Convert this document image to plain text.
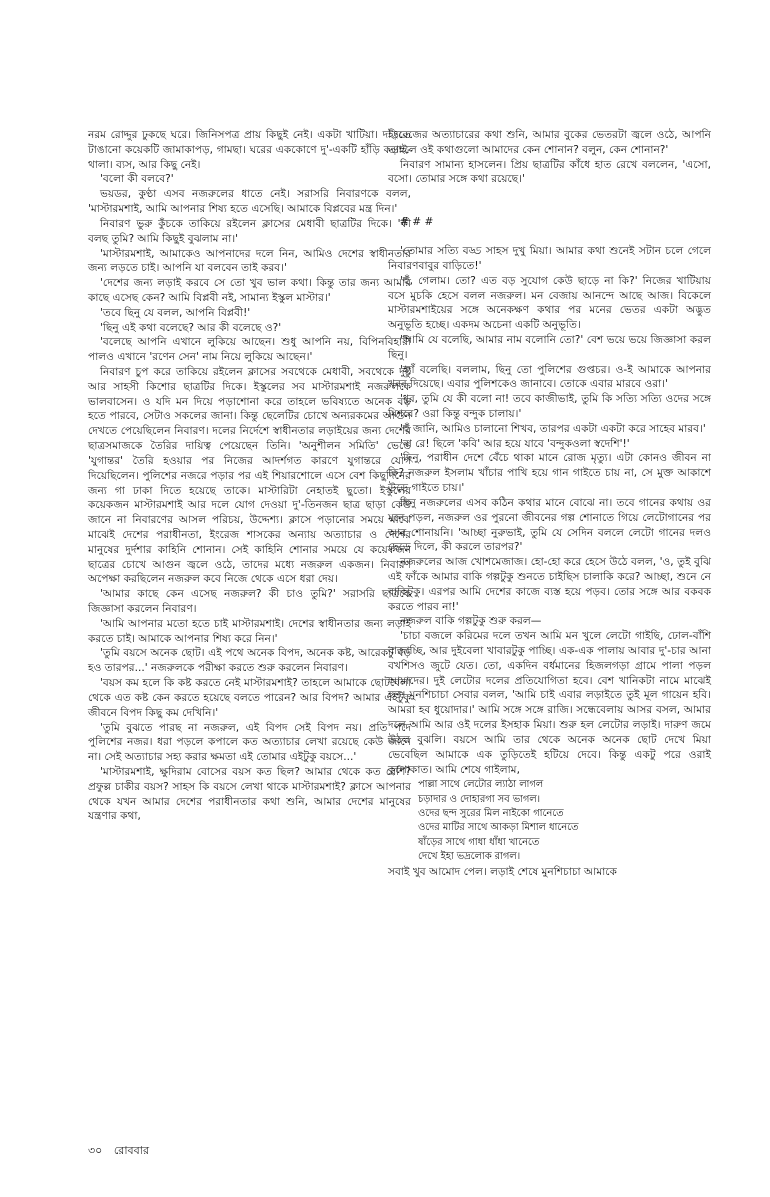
নরম রোদ্দুর ঢুকছে ঘরে। জিনিসপত্র প্রায় কিছুই নেই। একটা খাটিয়া। দড়িতে টাঙানো কয়েকটি জামাকাপড়, গামছা। ঘরের এককোণে দু'-একটি হাঁড়ি কড়াই-থালা। ব্যস, আর কিছু নেই।

'বলো কী বলবে?'

ভয়ডর, কুণ্ঠা এসব নজরুলের ধাতে নেই। সরাসরি নিবারণকে বলল, 'মাস্টারমশাই, আমি আপনার শিষ্য হতে এসেছি। আমাকে বিপ্লবের মন্ত্র দিন।'

নিবারণ ভুরু কুঁচকে তাকিয়ে রইলেন ক্লাসের মেধাবী ছাত্রটির দিকে। 'কী বলছ তুমি? আমি কিছুই বুঝলাম না।'

'মাস্টারমশাই, আমাকেও আপনাদের দলে নিন, আমিও দেশের স্বাধীনতার জন্য লড়তে চাই। আপনি যা বলবেন তাই করব।'

'দেশের জন্য লড়াই করবে সে তো খুব ভাল কথা। কিন্তু তার জন্য আমার কাছে এসেছ কেন? আমি বিপ্লবী নই, সামান্য ইস্কুল মাস্টার।'

'তবে ছিনু যে বলল, আপনি বিপ্লবী!'

'ছিনু এই কথা বলেছে? আর কী বলেছে ও?'

'বলেছে আপনি এখানে লুকিয়ে আছেন। শুধু আপনি নয়, বিপিনবিহারী পালও এখানে 'রণেন সেন' নাম নিয়ে লুকিয়ে আছেন।'

নিবারণ চুপ করে তাকিয়ে রইলেন ক্লাসের সবথেকে মেধাবী, সবথেকে দুষ্টু আর সাহসী কিশোর ছাত্রটির দিকে। ইস্কুলের সব মাস্টারমশাই নজরুলকে ভালবাসেন। ও যদি মন দিয়ে পড়াশোনা করে তাহলে ভবিষ্যতে অনেক বড় হতে পারবে, সেটাও সকলের জানা। কিন্তু ছেলেটির চোখে অন্যরকমের আগুন দেখতে পেয়েছিলেন নিবারণ। দলের নির্দেশে স্বাধীনতার লড়াইয়ের জন্য দেশের ছাত্রসমাজকে তৈরির দায়িত্ব পেয়েছেন তিনি। 'অনুশীলন সমিতি' ভেঙে 'যুগান্তর' তৈরি হওয়ার পর নিজের আদর্শগত কারণে যুগান্তরে যোগ দিয়েছিলেন। পুলিশের নজরে পড়ার পর এই শিয়ারশোলে এসে বেশ কিছুদিনের জন্য গা ঢাকা দিতে হয়েছে তাকে। মাস্টারিটা নেহাতই ছুতো। ইস্কুলের কয়েকজন মাস্টারমশাই আর দলে যোগ দেওয়া দু'-তিনজন ছাত্র ছাড়া কেউ জানে না নিবারণের আসল পরিচয়, উদ্দেশ্য। ক্লাসে পড়ানোর সময়ে মাঝে মাঝেই দেশের পরাধীনতা, ইংরেজ শাসকের অন্যায় অত্যাচার ও দেশের মানুষের দুর্দশার কাহিনি শোনান। সেই কাহিনি শোনার সময়ে যে কয়েকজন ছাত্রের চোখে আগুন জ্বলে ওঠে, তাদের মধ্যে নজরুল একজন। নিবারণ অপেক্ষা করছিলেন নজরুল কবে নিজে থেকে এসে ধরা দেয়।

'আমার কাছে কেন এসেছ নজরুল? কী চাও তুমি?' সরাসরি ছাত্রকে জিজ্ঞাসা করলেন নিবারণ।

'আমি আপনার মতো হতে চাই মাস্টারমশাই। দেশের স্বাধীনতার জন্য লড়াই করতে চাই। আমাকে আপনার শিষ্য করে নিন।'

'তুমি বয়সে অনেক ছোট। এই পথে অনেক বিপদ, অনেক কষ্ট, আরেকটু বড় হও তারপর...' নজরুলকে পরীক্ষা করতে শুরু করলেন নিবারণ।

'বয়স কম হলে কি কষ্ট করতে নেই মাস্টারমশাই? তাহলে আমাকে ছোটবেলা থেকে এত কষ্ট কেন করতে হয়েছে বলতে পারেন? আর বিপদ? আমার এইটুকু জীবনে বিপদ কিছু কম দেখিনি।'

'তুমি বুঝতে পারছ না নজরুল, এই বিপদ সেই বিপদ নয়। প্রতি পদে পুলিশের নজর। ধরা পড়লে কপালে কত অত্যাচার লেখা রয়েছে কেউ জানে না। সেই অত্যাচার সহ্য করার ক্ষমতা এই তোমার এইটুকু বয়সে...'

'মাস্টারমশাই, ক্ষুদিরাম বোসের বয়স কত ছিল? আমার থেকে কত বেশি? প্রফুল্ল চাকীর বয়স? সাহস কি বয়সে লেখা থাকে মাস্টারমশাই? ক্লাসে আপনার থেকে যখন আমার দেশের পরাধীনতার কথা শুনি, আমার দেশের মানুষের যন্ত্রণার কথা,

ইংরেজের অত্যাচারের কথা শুনি, আমার বুকের ভেতরটা জ্বলে ওঠে, আপনি তাহলে ওই কথাগুলো আমাদের কেন শোনান? বলুন, কেন শোনান?'

নিবারণ সামান্য হাসলেন। প্রিয় ছাত্রটির কাঁধে হাত রেখে বললেন, 'এসো, বসো। তোমার সঙ্গে কথা রয়েছে।'

# # #

'তোমার সত্যি বড্ড সাহস দুখু মিয়া। আমার কথা শুনেই সটান চলে গেলে নিবারণবাবুর বাড়িতে!'

'হুঁ, গেলাম। তো? এত বড় সুযোগ কেউ ছাড়ে না কি?' নিজের খাটিয়ায় বসে মুচকি হেসে বলল নজরুল। মন বেজায় আনন্দে আছে আজ। বিকেলে মাস্টারমশাইয়ের সঙ্গে অনেকক্ষণ কথার পর মনের ভেতর একটা অদ্ভুত অনুভূতি হচ্ছে। একদম অচেনা একটি অনুভূতি।

'আমি যে বলেছি, আমার নাম বলোনি তো?' বেশ ভয়ে ভয়ে জিজ্ঞাসা করল ছিনু।

'হ্যাঁ বলেছি। বললাম, ছিনু তো পুলিশের গুপ্তচর। ও-ই আমাকে আপনার খবর দিয়েছে। এবার পুলিশকেও জানাবে। তোকে এবার মারবে ওরা।'

'ধুর, তুমি যে কী বলো না! তবে কাজীভাই, তুমি কি সত্যি সত্যি ওদের সঙ্গে মিশবে? ওরা কিন্তু বন্দুক চালায়।'

'হুঁ জানি, আমিও চালানো শিখব, তারপর একটা একটা করে সাহেব মারব।'

'বা রে! ছিলে 'কবি' আর হয়ে যাবে 'বন্দুকওলা স্বদেশি'!'

'ছিনু, পরাধীন দেশে বেঁচে থাকা মানে রোজ মৃত্যু। এটা কোনও জীবন না কি? নজরুল ইসলাম খাঁচার পাখি হয়ে গান গাইতে চায় না, সে মুক্ত আকাশে উড়ে গাইতে চায়।'

ছিনু নজরুলের এসব কঠিন কথার মানে বোঝে না। তবে গানের কথায় ওর মনে পড়ল, নজরুল ওর পুরনো জীবনের গল্প শোনাতে গিয়ে লেটোগানের পর আর শোনায়নি। 'আচ্ছা নুরুভাই, তুমি যে সেদিন বললে লেটো গানের দলও ছেড়ে দিলে, কী করলে তারপর?'

নজরুলের আজ খোশমেজাজ। হো-হো করে হেসে উঠে বলল, 'ও, তুই বুঝি এই ফাঁকে আমার বাকি গল্পটুকু শুনতে চাইছিস চালাকি করে? আচ্ছা, শুনে নে বাকিটুকু। এরপর আমি দেশের কাজে ব্যস্ত হয়ে পড়ব। তোর সঙ্গে আর বকবক করতে পারব না!'

নজরুল বাকি গল্পটুকু শুরু করল—

'চাচা বজলে করিমের দলে তখন আমি মন খুলে লেটো গাইছি, ঢোল-বাঁশি বাজাচ্ছি, আর দুইবেলা খাবারটুকু পাচ্ছি। এক-এক পালায় আবার দু'-চার আনা বখশিসও জুটে যেত। তো, একদিন বর্ধমানের হিজলগড়া গ্রামে পালা পড়ল আমাদের। দুই লেটোর দলের প্রতিযোগিতা হবে। বেশ খানিকটা নামে মাঝেই হত। মুনশিচাচা সেবার বলল, 'আমি চাই এবার লড়াইতে তুই মূল গায়েন হবি। আমরা হব ধুয়োদার।' আমি সঙ্গে সঙ্গে রাজি। সন্ধেবেলায় আসর বসল, আমার দলে আমি আর ওই দলের ইসহাক মিয়া। শুরু হল লেটোর লড়াই। দারুণ জমে উঠল বুঝলি। বয়সে আমি তার থেকে অনেক অনেক ছোট দেখে মিয়া ভেবেছিল আমাকে এক তুড়িতেই হটিয়ে দেবে। কিন্তু একটু পরে ওরাই কুপোকাত। আমি শেষে গাইলাম,

পাল্লা সাথে লেটোর ল্যাঠা লাগল
চড়াদার ও দোহারগা সব ভাগল।
ওদের ছন্দ সুরের মিল নাইকো গানেতে
ওদের মাটির সাথে আকড়া মিশাল ধানেতে
ষাঁড়ের সাথে গাধা ধাঁধা খানেতে
দেখে ইহা ভদ্রলোক রাগল।

সবাই খুব আমোদ পেল। লড়াই শেষে মুনশিচাচা আমাকে

৩০ রোববার
